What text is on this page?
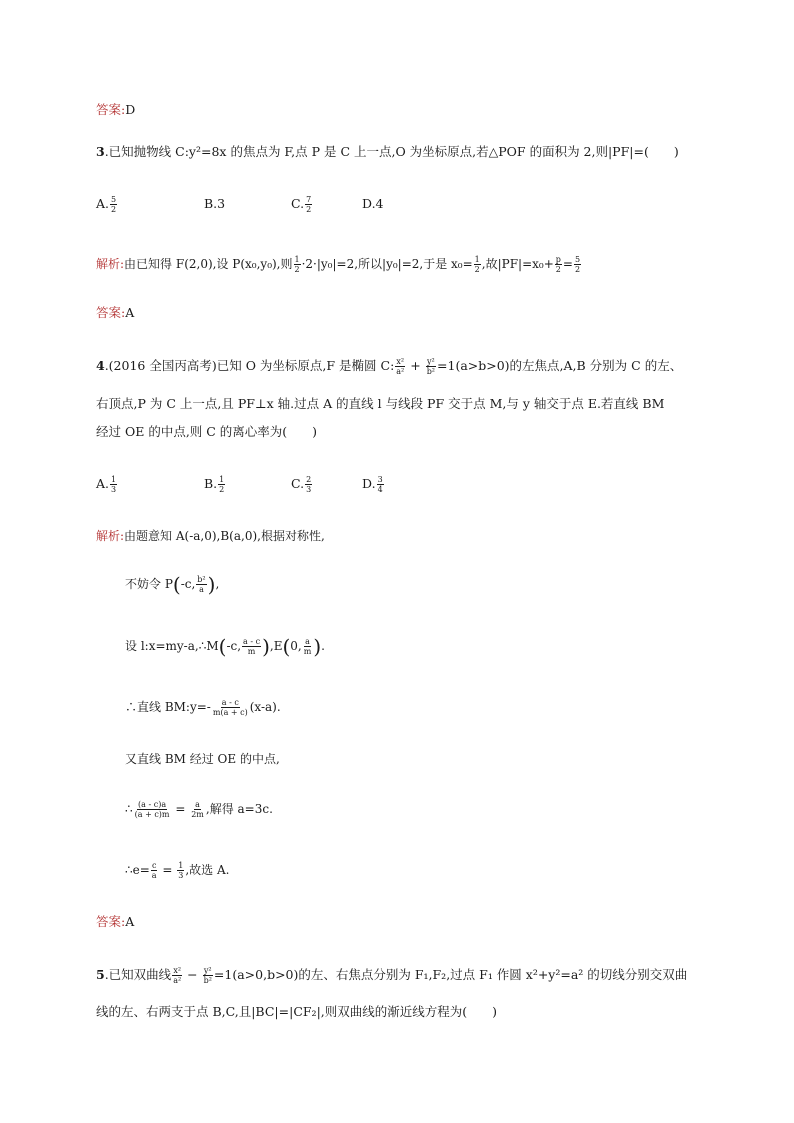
答案:D
3.已知抛物线 C:y²=8x 的焦点为 F,点 P 是 C 上一点,O 为坐标原点,若△POF 的面积为 2,则|PF|=(　　)
A. $\frac{5}{2}$	B.3	C. $\frac{7}{2}$	D.4
解析:由已知得 F(2,0),设 P(x₀,y₀),则 $\frac{1}{2} \cdot 2\cdot|y_0|=2$,所以|y₀|=2,于是 $x_0= \frac{1}{2}$ ,故$|PF|=x_0+ \frac{p}{2} = \frac{5}{2}$
答案:A
4.(2016 全国丙高考)已知 O 为坐标原点,F 是椭圆 C: $\frac{\text{x²}}{\text{a²}} + \frac{\text{y²}}{\text{b²}} =1(a>b>0)$的左焦点,A,B 分别为 C 的左、
右顶点,P 为 C 上一点,且 PF⊥x 轴.过点 A 的直线 l 与线段 PF 交于点 M,与 y 轴交于点 E.若直线 BM
经过 OE 的中点,则 C 的离心率为(　　)
A. $\frac{1}{3}$	B. $\frac{1}{2}$	C. $\frac{2}{3}$	D. $\frac{3}{4}$
解析:由题意知 A(-a,0),B(a,0),根据对称性,
不妨令 P(-c, $\frac{\text{b²}}{a}$ ),
设 l:x=my-a,∴M(-c, $\frac{a - c}{m} ),E(0$, $\frac{a}{m}$ ).
∴直线 BM:y=- $\frac{a - c}{m(a + c)} (x-a)$.
又直线 BM 经过 OE 的中点,
∴ $\frac{(a - c)a}{(a + c)m} = \frac{a}{2m}$ ,解得 a=3c.
∴e= $\frac{c}{a} = \frac{1}{3}$ ,故选 A.
答案:A
5.已知双曲线 $\frac{\text{x²}}{\text{a²}} - \frac{\text{y²}}{\text{b²}} =1(a>0,b>0)$的左、右焦点分别为 F₁,F₂,过点 F₁ 作圆 x²+y²=a² 的切线分别交双曲
线的左、右两支于点 B,C,且|BC|=|CF₂|,则双曲线的渐近线方程为(　　)
